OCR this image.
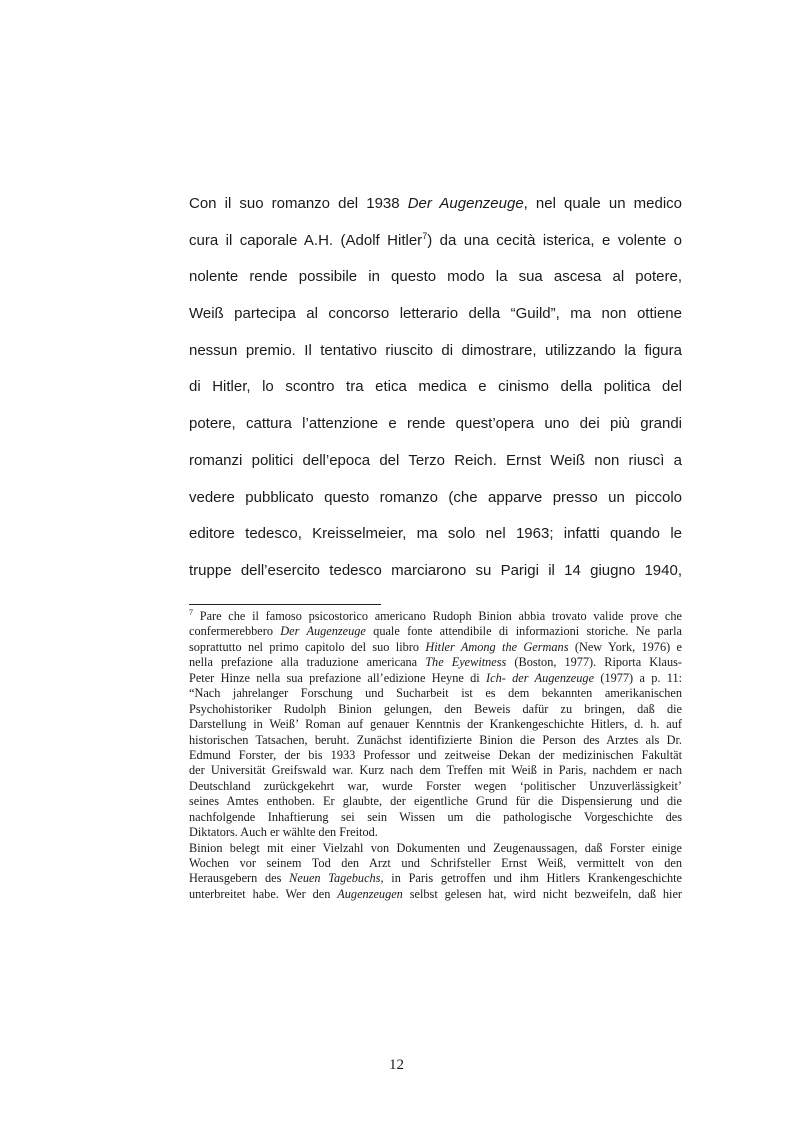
Con il suo romanzo del 1938 Der Augenzeuge, nel quale un medico
cura il caporale A.H. (Adolf Hitler$^7$) da una cecità isterica, e volente o
nolente rende possibile in questo modo la sua ascesa al potere,
Weiß partecipa al concorso letterario della “Guild”, ma non ottiene
nessun premio. Il tentativo riuscito di dimostrare, utilizzando la figura
di Hitler, lo scontro tra etica medica e cinismo della politica del
potere, cattura l’attenzione e rende quest’opera uno dei più grandi
romanzi politici dell’epoca del Terzo Reich. Ernst Weiß non riuscì a
vedere pubblicato questo romanzo (che apparve presso un piccolo
editore tedesco, Kreisselmeier, ma solo nel 1963; infatti quando le
truppe dell’esercito tedesco marciarono su Parigi il 14 giugno 1940,
$^7$ Pare che il famoso psicostorico americano Rudoph Binion abbia trovato valide prove che
confermerebbero Der Augenzeuge quale fonte attendibile di informazioni storiche. Ne parla
soprattutto nel primo capitolo del suo libro Hitler Among the Germans (New York, 1976) e
nella prefazione alla traduzione americana The Eyewitness (Boston, 1977). Riporta Klaus-
Peter Hinze nella sua prefazione all’edizione Heyne di Ich- der Augenzeuge (1977) a p. 11:
“Nach jahrelanger Forschung und Sucharbeit ist es dem bekannten amerikanischen
Psychohistoriker Rudolph Binion gelungen, den Beweis dafür zu bringen, daß die
Darstellung in Weiß’ Roman auf genauer Kenntnis der Krankengeschichte Hitlers, d. h. auf
historischen Tatsachen, beruht. Zunächst identifizierte Binion die Person des Arztes als Dr.
Edmund Forster, der bis 1933 Professor und zeitweise Dekan der medizinischen Fakultät
der Universität Greifswald war. Kurz nach dem Treffen mit Weiß in Paris, nachdem er nach
Deutschland zurückgekehrt war, wurde Forster wegen ‘politischer Unzuverlässigkeit’
seines Amtes enthoben. Er glaubte, der eigentliche Grund für die Dispensierung und die
nachfolgende Inhaftierung sei sein Wissen um die pathologische Vorgeschichte des
Diktators. Auch er wählte den Freitod.
Binion belegt mit einer Vielzahl von Dokumenten und Zeugenaussagen, daß Forster einige
Wochen vor seinem Tod den Arzt und Schrifsteller Ernst Weiß, vermittelt von den
Herausgebern des Neuen Tagebuchs, in Paris getroffen und ihm Hitlers Krankengeschichte
unterbreitet habe. Wer den Augenzeugen selbst gelesen hat, wird nicht bezweifeln, daß hier
12
